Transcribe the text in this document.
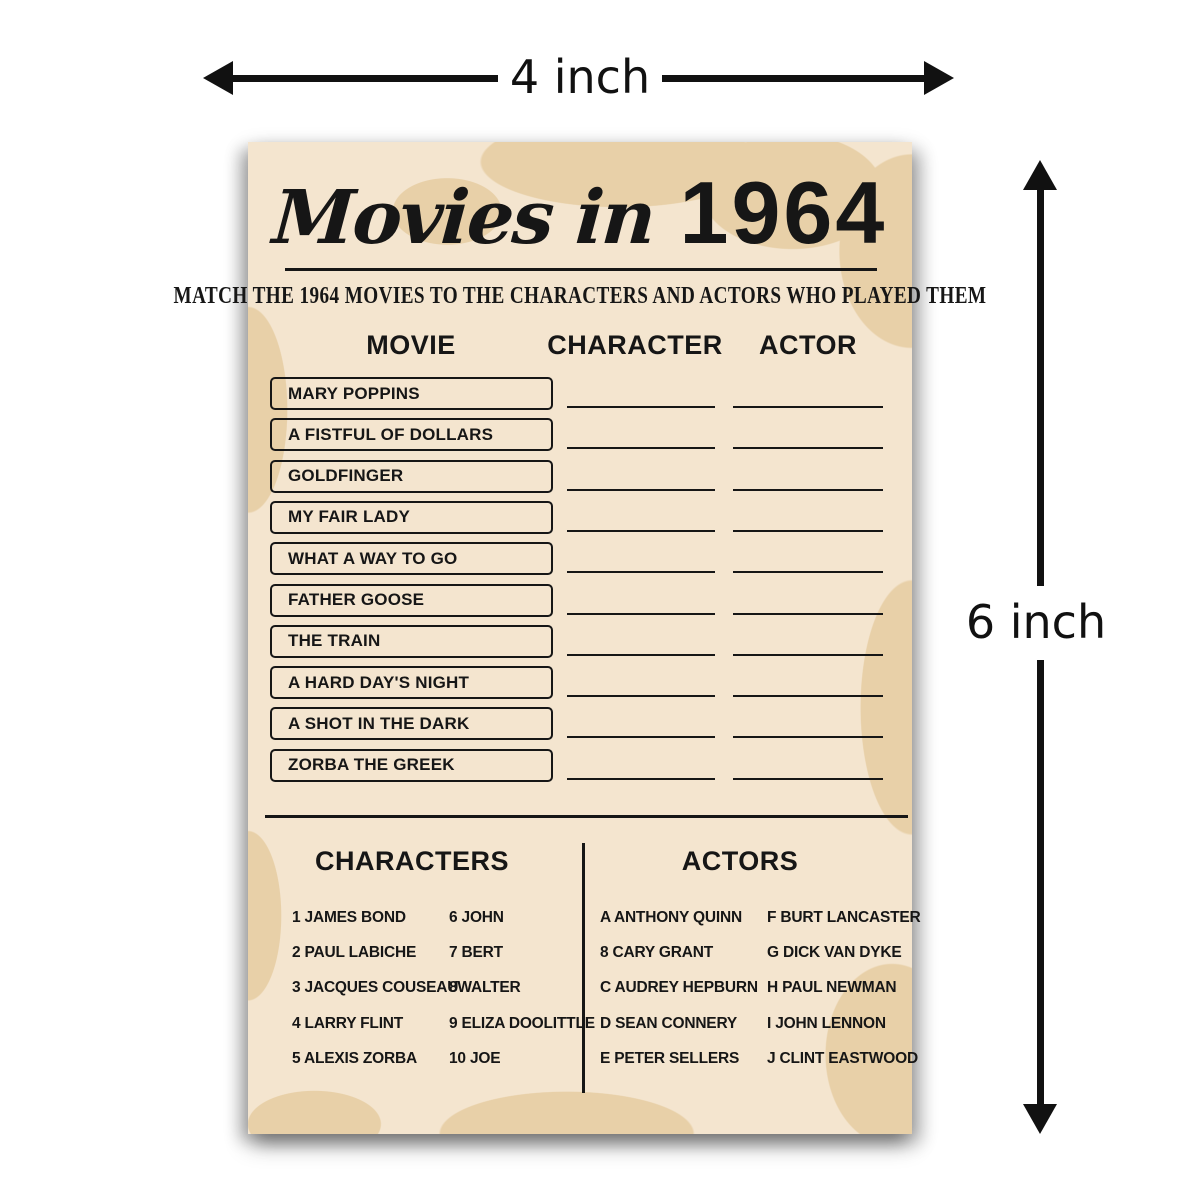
4 inch
6 inch
Movies in 1964
MATCH THE 1964 MOVIES TO THE CHARACTERS AND ACTORS WHO PLAYED THEM
MOVIE	CHARACTER ACTOR
MARY POPPINS
A FISTFUL OF DOLLARS
GOLDFINGER
MY FAIR LADY
WHAT A WAY TO GO
FATHER GOOSE
THE TRAIN
A HARD DAY'S NIGHT
A SHOT IN THE DARK
ZORBA THE GREEK
CHARACTERS	ACTORS
1 JAMES BOND
2 PAUL LABICHE
3 JACQUES COUSEAU
4 LARRY FLINT
5 ALEXIS ZORBA
6 JOHN
7 BERT
8WALTER
9 ELIZA DOOLITTLE
10 JOE
A ANTHONY QUINN
8 CARY GRANT
C AUDREY HEPBURN
D SEAN CONNERY
E PETER SELLERS
F BURT LANCASTER
G DICK VAN DYKE
H PAUL NEWMAN
I JOHN LENNON
J CLINT EASTWOOD
